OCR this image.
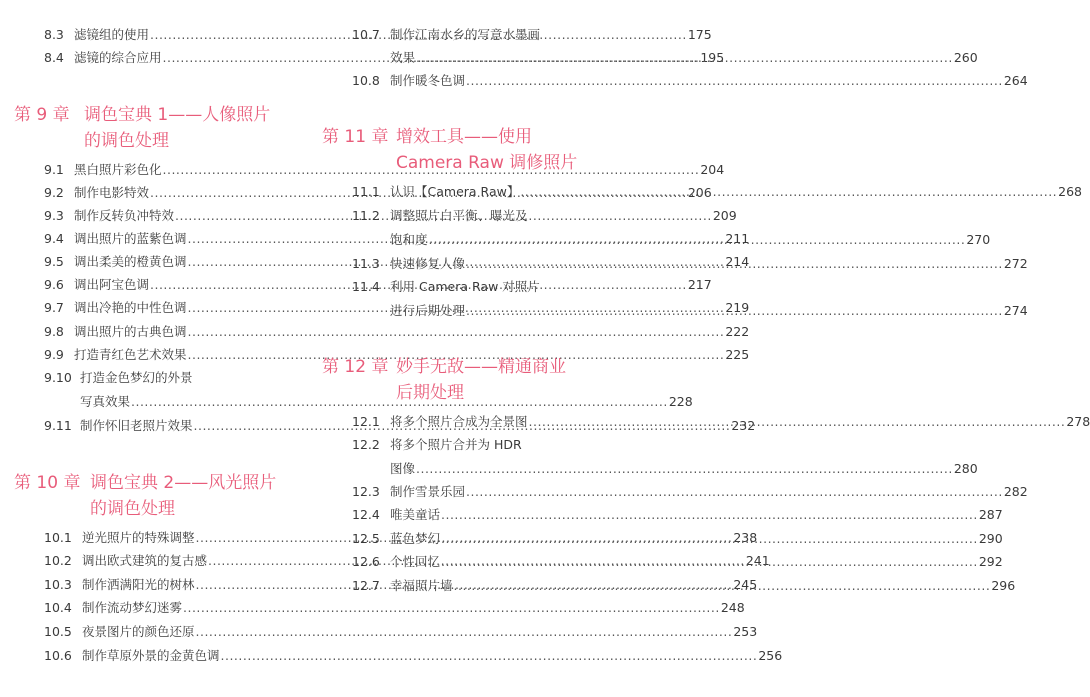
8.3 滤镜组的使用 .....	175
8.4 滤镜的综合应用 .....	195
第 9 章 调色宝典 1——人像照片
的调色处理
9.1 黑白照片彩色化 .....	204
9.2 制作电影特效 .....	206
9.3 制作反转负冲特效 .....	209
9.4 调出照片的蓝紫色调 .....	211
9.5 调出柔美的橙黄色调 .....	214
9.6 调出阿宝色调 .....	217
9.7 调出冷艳的中性色调 .....	219
9.8 调出照片的古典色调 .....	222
9.9 打造青红色艺术效果 .....	225
9.10 打造金色梦幻的外景
写真效果 .....	228
9.11 制作怀旧老照片效果 .....	232
第 10 章 调色宝典 2——风光照片
的调色处理
10.1 逆光照片的特殊调整 .....	238
10.2 调出欧式建筑的复古感 .....	241
10.3 制作洒满阳光的树林 .....	245
10.4 制作流动梦幻迷雾 .....	248
10.5 夜景图片的颜色还原 .....	253
10.6 制作草原外景的金黄色调 .....	256
10.7 制作江南水乡的写意水墨画
效果 .....	260
10.8 制作暖冬色调 .....	264
第 11 章 增效工具——使用
Camera Raw 调修照片
11.1 认识【Camera Raw】 .....	268
11.2 调整照片白平衡、曝光及
饱和度 .....	270
11.3 快速修复人像 .....	272
11.4 利用 Camera Raw 对照片
进行后期处理 .....	274
第 12 章 妙手无敌——精通商业
后期处理
12.1 将多个照片合成为全景图 .....	278
12.2 将多个照片合并为 HDR
图像 .....	280
12.3 制作雪景乐园 .....	282
12.4 唯美童话 .....	287
12.5 蓝色梦幻 .....	290
12.6 个性回忆 .....	292
12.7 幸福照片墙 .....	296
